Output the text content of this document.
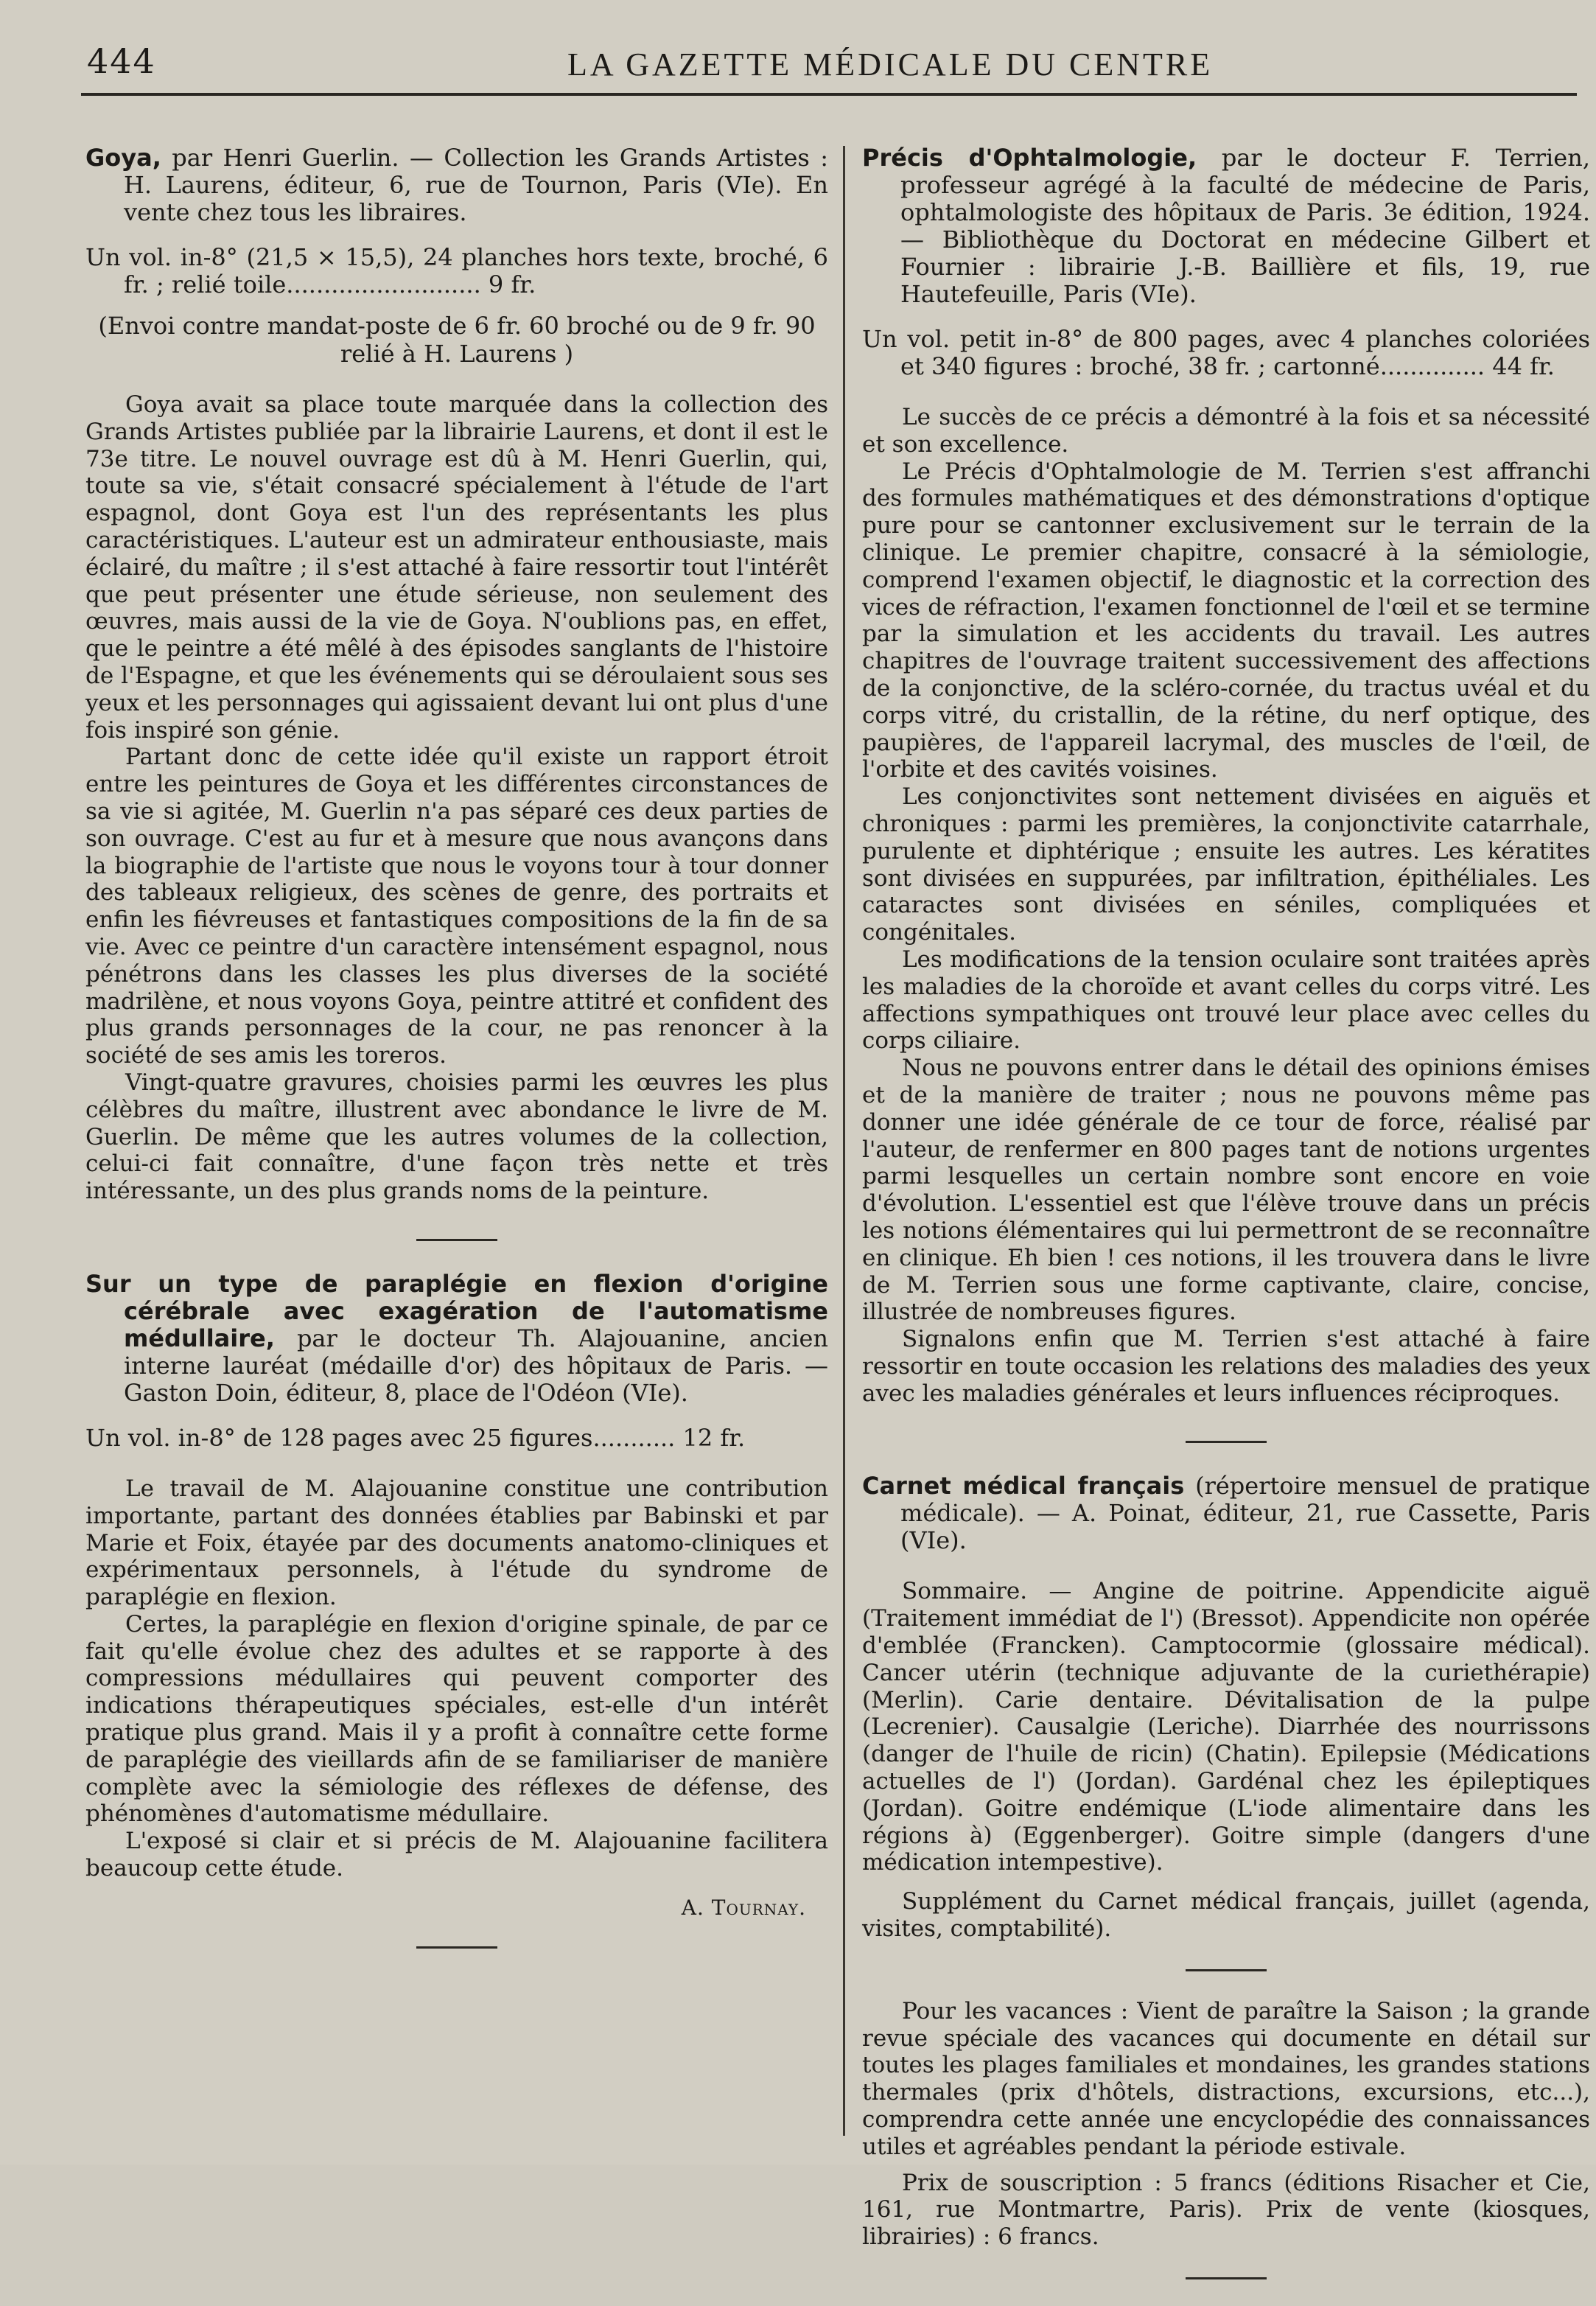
444	LA GAZETTE MÉDICALE DU CENTRE

Goya, par Henri Guerlin. — Collection les Grands Artistes : H. Laurens, éditeur, 6, rue de Tournon, Paris (VIe). En vente chez tous les libraires.

Un vol. in-8° (21,5 × 15,5), 24 planches hors texte, broché, 6 fr. ; relié toile.......................... 9 fr.

(Envoi contre mandat-poste de 6 fr. 60 broché ou de 9 fr. 90 relié à H. Laurens )

Goya avait sa place toute marquée dans la collection des Grands Artistes publiée par la librairie Laurens, et dont il est le 73e titre. Le nouvel ouvrage est dû à M. Henri Guerlin, qui, toute sa vie, s'était consacré spécialement à l'étude de l'art espagnol, dont Goya est l'un des représentants les plus caractéristiques. L'auteur est un admirateur enthousiaste, mais éclairé, du maître ; il s'est attaché à faire ressortir tout l'intérêt que peut présenter une étude sérieuse, non seulement des œuvres, mais aussi de la vie de Goya. N'oublions pas, en effet, que le peintre a été mêlé à des épisodes sanglants de l'histoire de l'Espagne, et que les événements qui se déroulaient sous ses yeux et les personnages qui agissaient devant lui ont plus d'une fois inspiré son génie.

Partant donc de cette idée qu'il existe un rapport étroit entre les peintures de Goya et les différentes circonstances de sa vie si agitée, M. Guerlin n'a pas séparé ces deux parties de son ouvrage. C'est au fur et à mesure que nous avançons dans la biographie de l'artiste que nous le voyons tour à tour donner des tableaux religieux, des scènes de genre, des portraits et enfin les fiévreuses et fantastiques compositions de la fin de sa vie. Avec ce peintre d'un caractère intensément espagnol, nous pénétrons dans les classes les plus diverses de la société madrilène, et nous voyons Goya, peintre attitré et confident des plus grands personnages de la cour, ne pas renoncer à la société de ses amis les toreros.

Vingt-quatre gravures, choisies parmi les œuvres les plus célèbres du maître, illustrent avec abondance le livre de M. Guerlin. De même que les autres volumes de la collection, celui-ci fait connaître, d'une façon très nette et très intéressante, un des plus grands noms de la peinture.

Sur un type de paraplégie en flexion d'origine cérébrale avec exagération de l'automatisme médullaire, par le docteur Th. Alajouanine, ancien interne lauréat (médaille d'or) des hôpitaux de Paris. — Gaston Doin, éditeur, 8, place de l'Odéon (VIe).

Un vol. in-8° de 128 pages avec 25 figures........... 12 fr.

Le travail de M. Alajouanine constitue une contribution importante, partant des données établies par Babinski et par Marie et Foix, étayée par des documents anatomo-cliniques et expérimentaux personnels, à l'étude du syndrome de paraplégie en flexion.

Certes, la paraplégie en flexion d'origine spinale, de par ce fait qu'elle évolue chez des adultes et se rapporte à des compressions médullaires qui peuvent comporter des indications thérapeutiques spéciales, est-elle d'un intérêt pratique plus grand. Mais il y a profit à connaître cette forme de paraplégie des vieillards afin de se familiariser de manière complète avec la sémiologie des réflexes de défense, des phénomènes d'automatisme médullaire.

L'exposé si clair et si précis de M. Alajouanine facilitera beaucoup cette étude.

A. Tournay.

Précis d'Ophtalmologie, par le docteur F. Terrien, professeur agrégé à la faculté de médecine de Paris, ophtalmologiste des hôpitaux de Paris. 3e édition, 1924. — Bibliothèque du Doctorat en médecine Gilbert et Fournier : librairie J.-B. Baillière et fils, 19, rue Hautefeuille, Paris (VIe).

Un vol. petit in-8° de 800 pages, avec 4 planches coloriées et 340 figures : broché, 38 fr. ; cartonné.............. 44 fr.

Le succès de ce précis a démontré à la fois et sa nécessité et son excellence.

Le Précis d'Ophtalmologie de M. Terrien s'est affranchi des formules mathématiques et des démonstrations d'optique pure pour se cantonner exclusivement sur le terrain de la clinique. Le premier chapitre, consacré à la sémiologie, comprend l'examen objectif, le diagnostic et la correction des vices de réfraction, l'examen fonctionnel de l'œil et se termine par la simulation et les accidents du travail. Les autres chapitres de l'ouvrage traitent successivement des affections de la conjonctive, de la scléro-cornée, du tractus uvéal et du corps vitré, du cristallin, de la rétine, du nerf optique, des paupières, de l'appareil lacrymal, des muscles de l'œil, de l'orbite et des cavités voisines.

Les conjonctivites sont nettement divisées en aiguës et chroniques : parmi les premières, la conjonctivite catarrhale, purulente et diphtérique ; ensuite les autres. Les kératites sont divisées en suppurées, par infiltration, épithéliales. Les cataractes sont divisées en séniles, compliquées et congénitales.

Les modifications de la tension oculaire sont traitées après les maladies de la choroïde et avant celles du corps vitré. Les affections sympathiques ont trouvé leur place avec celles du corps ciliaire.

Nous ne pouvons entrer dans le détail des opinions émises et de la manière de traiter ; nous ne pouvons même pas donner une idée générale de ce tour de force, réalisé par l'auteur, de renfermer en 800 pages tant de notions urgentes parmi lesquelles un certain nombre sont encore en voie d'évolution. L'essentiel est que l'élève trouve dans un précis les notions élémentaires qui lui permettront de se reconnaître en clinique. Eh bien ! ces notions, il les trouvera dans le livre de M. Terrien sous une forme captivante, claire, concise, illustrée de nombreuses figures.

Signalons enfin que M. Terrien s'est attaché à faire ressortir en toute occasion les relations des maladies des yeux avec les maladies générales et leurs influences réciproques.

Carnet médical français (répertoire mensuel de pratique médicale). — A. Poinat, éditeur, 21, rue Cassette, Paris (VIe).

Sommaire. — Angine de poitrine. Appendicite aiguë (Traitement immédiat de l') (Bressot). Appendicite non opérée d'emblée (Francken). Camptocormie (glossaire médical). Cancer utérin (technique adjuvante de la curiethérapie) (Merlin). Carie dentaire. Dévitalisation de la pulpe (Lecrenier). Causalgie (Leriche). Diarrhée des nourrissons (danger de l'huile de ricin) (Chatin). Epilepsie (Médications actuelles de l') (Jordan). Gardénal chez les épileptiques (Jordan). Goitre endémique (L'iode alimentaire dans les régions à) (Eggenberger). Goitre simple (dangers d'une médication intempestive).

Supplément du Carnet médical français, juillet (agenda, visites, comptabilité).

Pour les vacances : Vient de paraître la Saison ; la grande revue spéciale des vacances qui documente en détail sur toutes les plages familiales et mondaines, les grandes stations thermales (prix d'hôtels, distractions, excursions, etc...), comprendra cette année une encyclopédie des connaissances utiles et agréables pendant la période estivale.

Prix de souscription : 5 francs (éditions Risacher et Cie, 161, rue Montmartre, Paris). Prix de vente (kiosques, librairies) : 6 francs.
